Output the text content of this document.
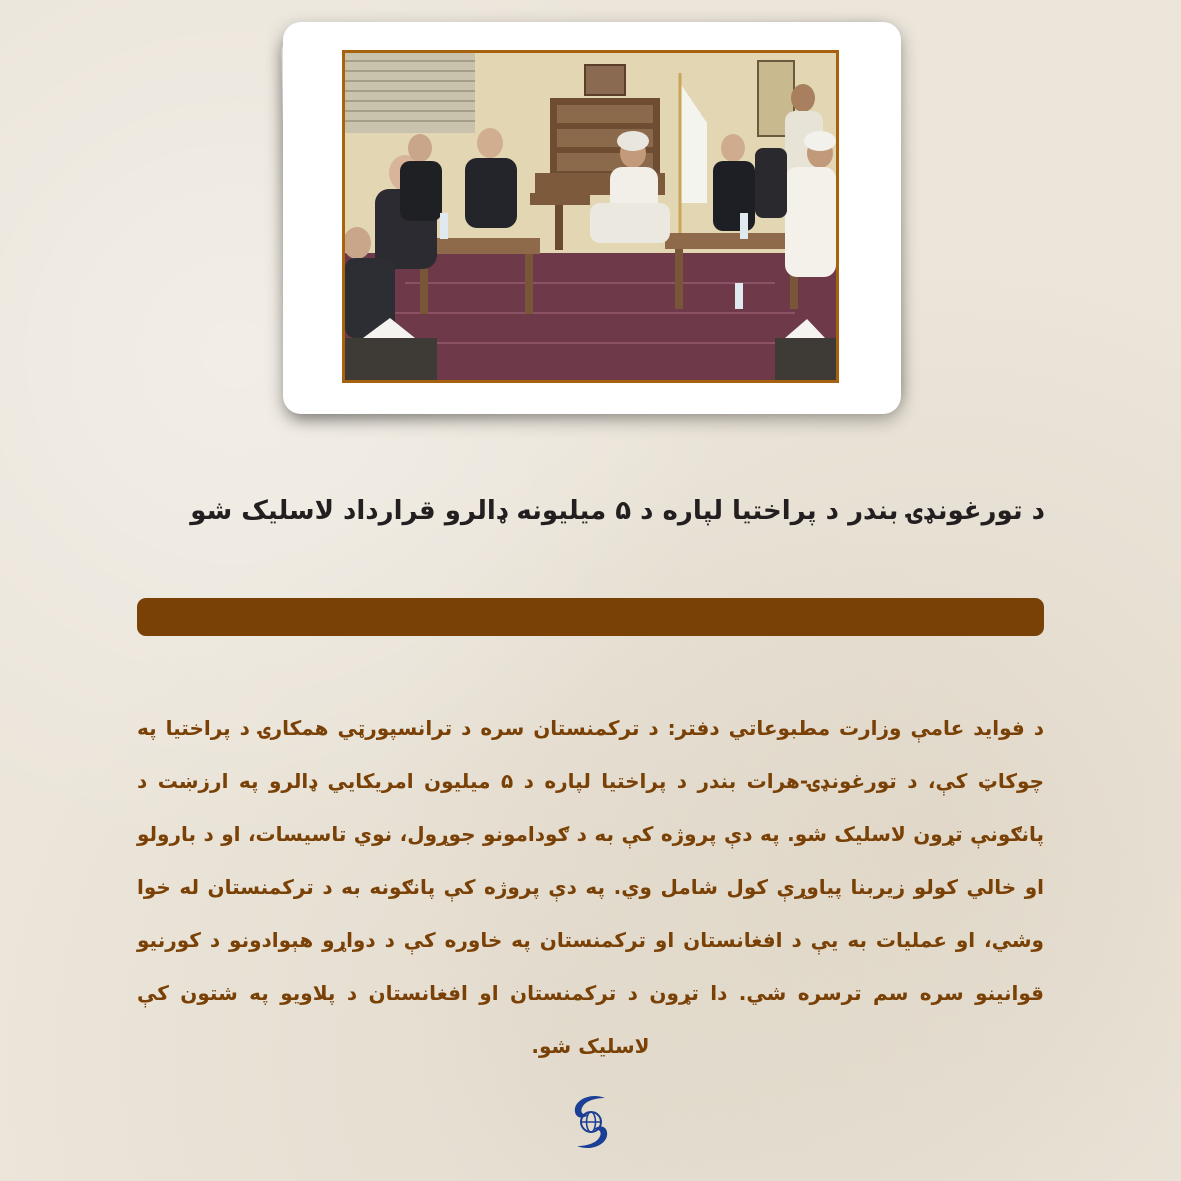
د تورغونډۍ بندر د پراختيا لپاره د ۵ میلیونه ډالرو قرارداد لاسلیک شو
د فوايد عامې وزارت مطبوعاتي دفتر: د ترکمنستان سره د ترانسپورټي همکارۍ د پراختیا په چوکاټ کې، د تورغونډۍ-هرات بندر د پراختيا لپاره د ۵ میلیون امریکایي ډالرو په ارزښت د پانګونې تړون لاسلیک شو. په دې پروژه کې به د ګودامونو جوړول، نوي تاسیسات، او د بارولو او خالي کولو زیربنا پیاوړې کول شامل وي. په دې پروژه کې پانګونه به د ترکمنستان له خوا وشي، او عملیات به یې د افغانستان او ترکمنستان په خاوره کې د دواړو هېوادونو د کورنیو قوانینو سره سم ترسره شي. دا تړون د ترکمنستان او افغانستان د پلاويو په شتون کې لاسلیک شو.
